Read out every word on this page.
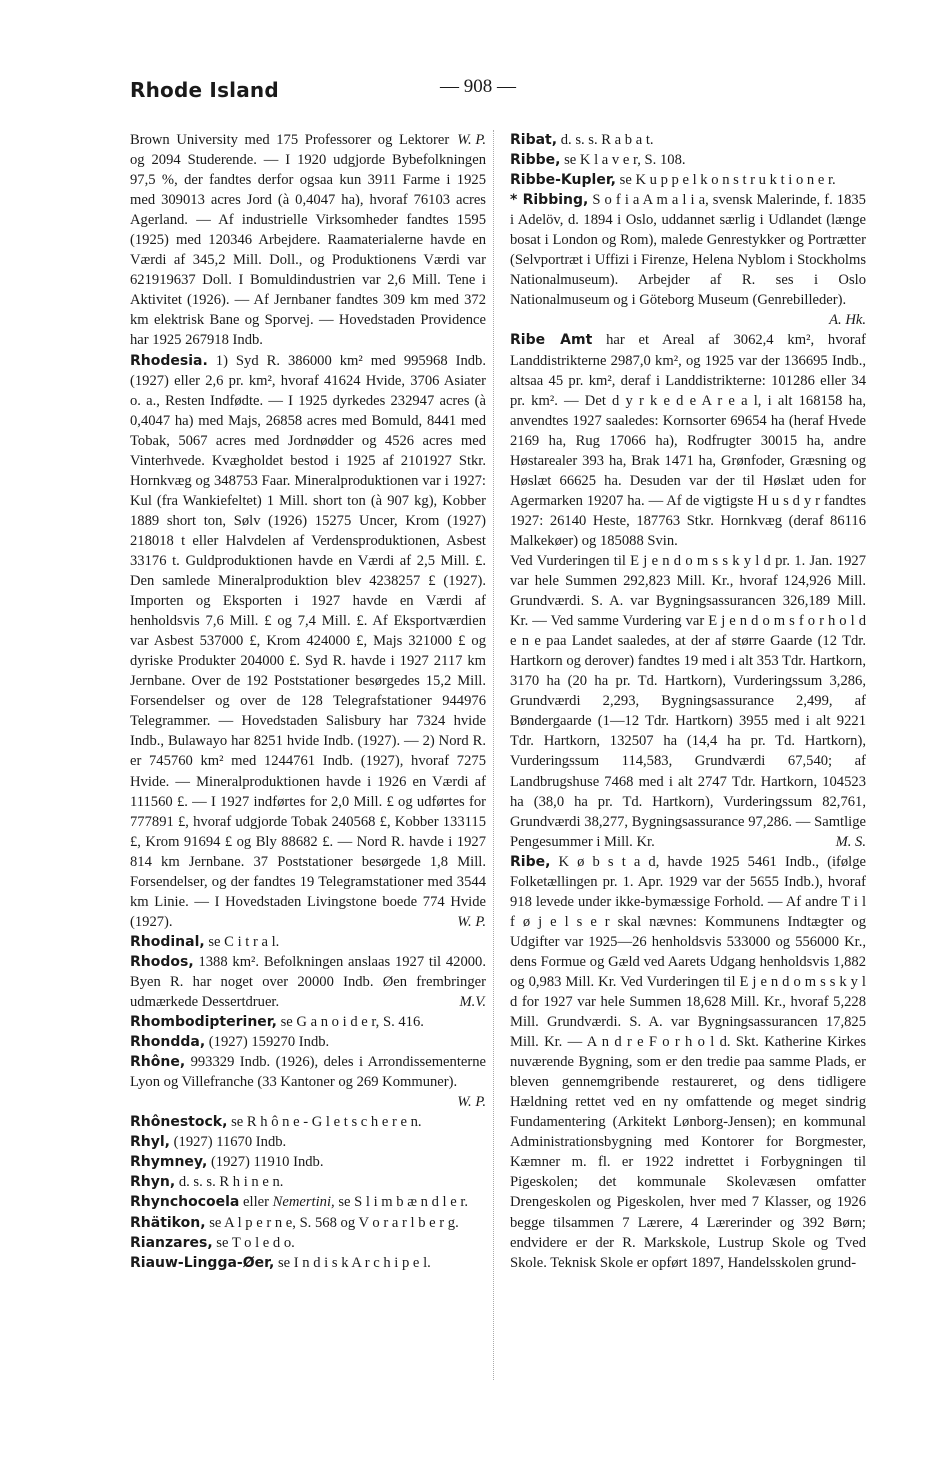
Rhode Island	— 908 —

W. P.
Brown University med 175 Professorer og Lektorer og 2094 Studerende. — I 1920 udgjorde Bybefolkningen 97,5 %, der fandtes derfor ogsaa kun 3911 Farme i 1925 med 309013 acres Jord (à 0,4047 ha), hvoraf 76103 acres Agerland. — Af industrielle Virksomheder fandtes 1595 (1925) med 120346 Arbejdere. Raamaterialerne havde en Værdi af 345,2 Mill. Doll., og Produktionens Værdi var 621919637 Doll. I Bomuldindustrien var 2,6 Mill. Tene i Aktivitet (1926). — Af Jernbaner fandtes 309 km med 372 km elektrisk Bane og Sporvej. — Hovedstaden Providence har 1925 267918 Indb.

Rhodesia. 1) Syd R. 386000 km² med 995968 Indb. (1927) eller 2,6 pr. km², hvoraf 41624 Hvide, 3706 Asiater o. a., Resten Indfødte. — I 1925 dyrkedes 232947 acres (à 0,4047 ha) med Majs, 26858 acres med Bomuld, 8441 med Tobak, 5067 acres med Jordnødder og 4526 acres med Vinterhvede. Kvægholdet bestod i 1925 af 2101927 Stkr. Hornkvæg og 348753 Faar. Mineralproduktionen var i 1927: Kul (fra Wankiefeltet) 1 Mill. short ton (à 907 kg), Kobber 1889 short ton, Sølv (1926) 15275 Uncer, Krom (1927) 218018 t eller Halvdelen af Verdensproduktionen, Asbest 33176 t. Guldproduktionen havde en Værdi af 2,5 Mill. £. Den samlede Mineralproduktion blev 4238257 £ (1927). Importen og Eksporten i 1927 havde en Værdi af henholdsvis 7,6 Mill. £ og 7,4 Mill. £. Af Eksportværdien var Asbest 537000 £, Krom 424000 £, Majs 321000 £ og dyriske Produkter 204000 £. Syd R. havde i 1927 2117 km Jernbane. Over de 192 Poststationer besørgedes 15,2 Mill. Forsendelser og over de 128 Telegrafstationer 944976 Telegrammer. — Hovedstaden Salisbury har 7324 hvide Indb., Bulawayo har 8251 hvide Indb. (1927). — 2) Nord R. er 745760 km² med 1244761 Indb. (1927), hvoraf 7275 Hvide. — Mineralproduktionen havde i 1926 en Værdi af 111560 £. — I 1927 indførtes for 2,0 Mill. £ og udførtes for 777891 £, hvoraf udgjorde Tobak 240568 £, Kobber 133115 £, Krom 91694 £ og Bly 88682 £. — Nord R. havde i 1927 814 km Jernbane. 37 Poststationer besørgede 1,8 Mill. Forsendelser, og der fandtes 19 Telegramstationer med 3544 km Linie. — I Hovedstaden Livingstone boede 774 Hvide (1927).	W. P.

Rhodinal, se C i t r a l.

Rhodos, 1388 km². Befolkningen anslaas 1927 til 42000. Byen R. har noget over 20000 Indb. Øen frembringer udmærkede Dessertdruer.	M.V.

Rhombodipteriner, se G a n o i d e r, S. 416.

Rhondda, (1927) 159270 Indb.

Rhône, 993329 Indb. (1926), deles i Arrondissementerne Lyon og Villefranche (33 Kantoner og 269 Kommuner).
W. P.

Rhônestock, se R h ô n e - G l e t s c h e r e n.

Rhyl, (1927) 11670 Indb.

Rhymney, (1927) 11910 Indb.

Rhyn, d. s. s. R h i n e n.

Rhynchocoela eller Nemertini, se S l i m b æ n d l e r.

Rhätikon, se A l p e r n e, S. 568 og V o r a r l b e r g.

Rianzares, se T o l e d o.

Riauw-Lingga-Øer, se I n d i s k A r c h i p e l.

Ribat, d. s. s. R a b a t.

Ribbe, se K l a v e r, S. 108.

Ribbe-Kupler, se K u p p e l k o n s t r u k t i o n e r.

* Ribbing, S o f i a A m a l i a, svensk Malerinde, f. 1835 i Adelöv, d. 1894 i Oslo, uddannet særlig i Udlandet (længe bosat i London og Rom), malede Genrestykker og Portrætter (Selvportræt i Uffizi i Firenze, Helena Nyblom i Stockholms Nationalmuseum). Arbejder af R. ses i Oslo Nationalmuseum og i Göteborg Museum (Genrebilleder).
A. Hk.

Ribe Amt har et Areal af 3062,4 km², hvoraf Landdistrikterne 2987,0 km², og 1925 var der 136695 Indb., altsaa 45 pr. km², deraf i Landdistrikterne: 101286 eller 34 pr. km². — Det d y r k e d e A r e a l, i alt 168158 ha, anvendtes 1927 saaledes: Kornsorter 69654 ha (heraf Hvede 2169 ha, Rug 17066 ha), Rodfrugter 30015 ha, andre Høstarealer 393 ha, Brak 1471 ha, Grønfoder, Græsning og Høslæt 66625 ha. Desuden var der til Høslæt uden for Agermarken 19207 ha. — Af de vigtigste H u s d y r fandtes 1927: 26140 Heste, 187763 Stkr. Hornkvæg (deraf 86116 Malkekøer) og 185088 Svin.

Ved Vurderingen til E j e n d o m s s k y l d pr. 1. Jan. 1927 var hele Summen 292,823 Mill. Kr., hvoraf 124,926 Mill. Grundværdi. S. A. var Bygningsassurancen 326,189 Mill. Kr. — Ved samme Vurdering var E j e n d o m s f o r h o l d e n e paa Landet saaledes, at der af større Gaarde (12 Tdr. Hartkorn og derover) fandtes 19 med i alt 353 Tdr. Hartkorn, 3170 ha (20 ha pr. Td. Hartkorn), Vurderingssum 3,286, Grundværdi 2,293, Bygningsassurance 2,499, af Bøndergaarde (1—12 Tdr. Hartkorn) 3955 med i alt 9221 Tdr. Hartkorn, 132507 ha (14,4 ha pr. Td. Hartkorn), Vurderingssum 114,583, Grundværdi 67,540; af Landbrugshuse 7468 med i alt 2747 Tdr. Hartkorn, 104523 ha (38,0 ha pr. Td. Hartkorn), Vurderingssum 82,761, Grundværdi 38,277, Bygningsassurance 97,286. — Samtlige Pengesummer i Mill. Kr.	M. S.

Ribe, K ø b s t a d, havde 1925 5461 Indb., (ifølge Folketællingen pr. 1. Apr. 1929 var der 5655 Indb.), hvoraf 918 levede under ikke-bymæssige Forhold. — Af andre T i l f ø j e l s e r skal nævnes: Kommunens Indtægter og Udgifter var 1925—26 henholdsvis 533000 og 556000 Kr., dens Formue og Gæld ved Aarets Udgang henholdsvis 1,882 og 0,983 Mill. Kr. Ved Vurderingen til E j e n d o m s s k y l d for 1927 var hele Summen 18,628 Mill. Kr., hvoraf 5,228 Mill. Grundværdi. S. A. var Bygningsassurancen 17,825 Mill. Kr. — A n d r e F o r h o l d. Skt. Katherine Kirkes nuværende Bygning, som er den tredie paa samme Plads, er bleven gennemgribende restaureret, og dens tidligere Hældning rettet ved en ny omfattende og meget sindrig Fundamentering (Arkitekt Lønborg-Jensen); en kommunal Administrationsbygning med Kontorer for Borgmester, Kæmner m. fl. er 1922 indrettet i Forbygningen til Pigeskolen; det kommunale Skolevæsen omfatter Drengeskolen og Pigeskolen, hver med 7 Klasser, og 1926 begge tilsammen 7 Lærere, 4 Lærerinder og 392 Børn; endvidere er der R. Markskole, Lustrup Skole og Tved Skole. Teknisk Skole er opført 1897, Handelsskolen grund-
